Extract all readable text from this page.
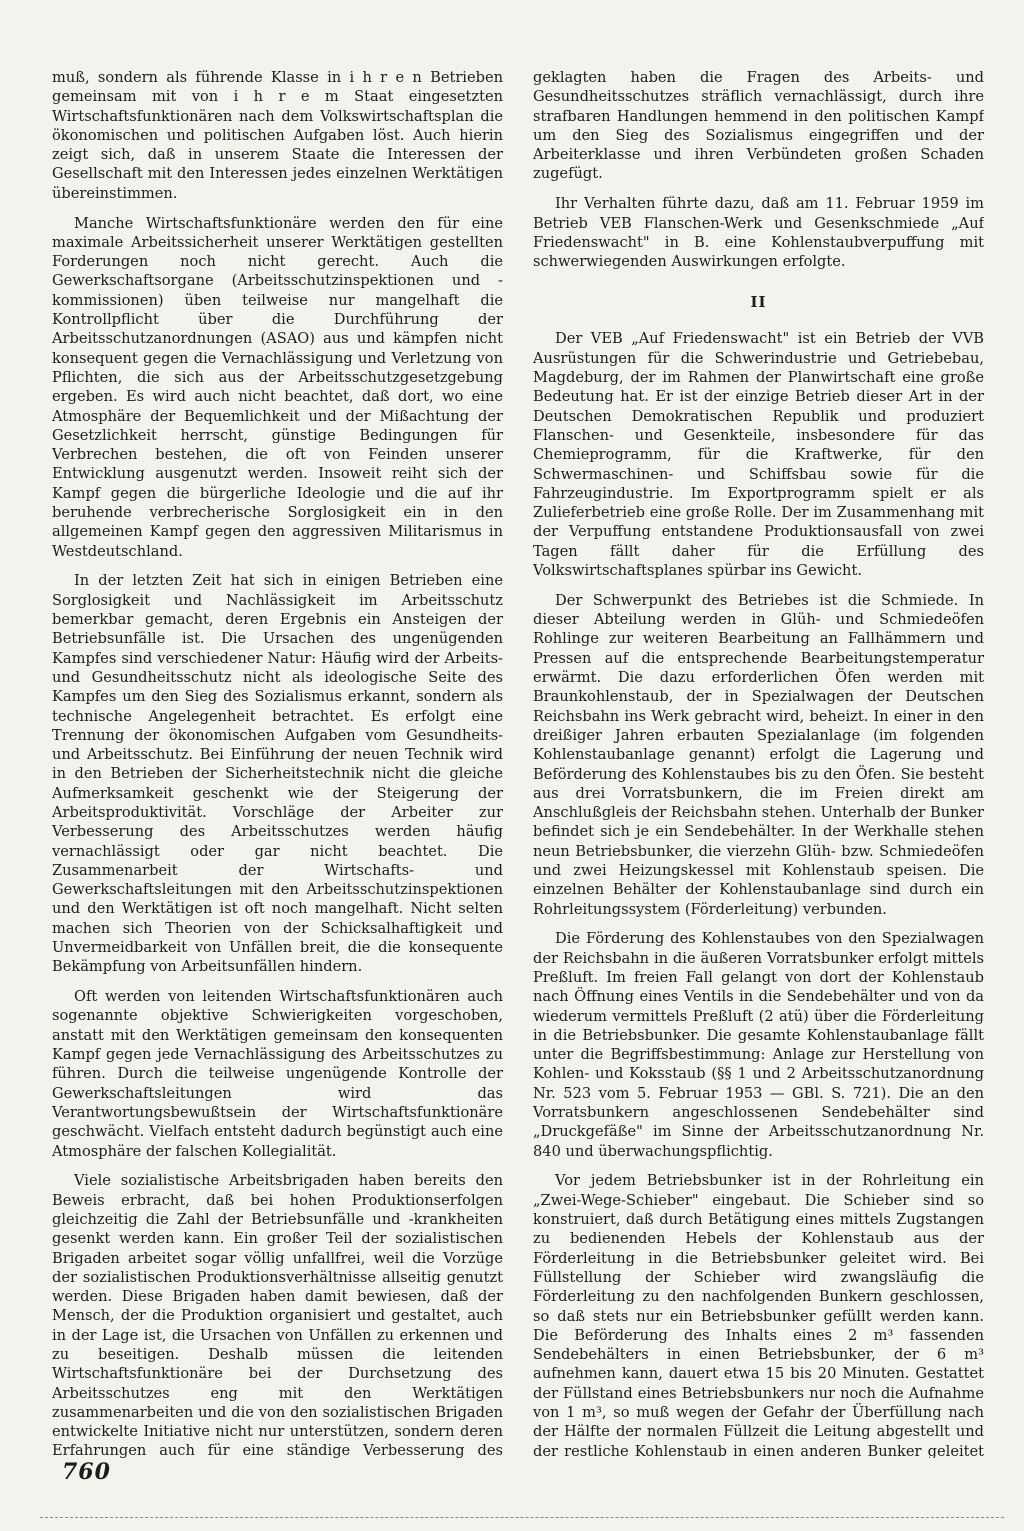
muß, sondern als führende Klasse in i h r e n Betrieben gemeinsam mit von i h r e m Staat eingesetzten Wirtschaftsfunktionären nach dem Volkswirtschaftsplan die ökonomischen und politischen Aufgaben löst. Auch hierin zeigt sich, daß in unserem Staate die Interessen der Gesellschaft mit den Interessen jedes einzelnen Werktätigen übereinstimmen.

Manche Wirtschaftsfunktionäre werden den für eine maximale Arbeitssicherheit unserer Werktätigen gestellten Forderungen noch nicht gerecht. Auch die Gewerkschaftsorgane (Arbeitsschutzinspektionen und -kommissionen) üben teilweise nur mangelhaft die Kontrollpflicht über die Durchführung der Arbeitsschutzanordnungen (ASAO) aus und kämpfen nicht konsequent gegen die Vernachlässigung und Verletzung von Pflichten, die sich aus der Arbeitsschutzgesetzgebung ergeben. Es wird auch nicht beachtet, daß dort, wo eine Atmosphäre der Bequemlichkeit und der Mißachtung der Gesetzlichkeit herrscht, günstige Bedingungen für Verbrechen bestehen, die oft von Feinden unserer Entwicklung ausgenutzt werden. Insoweit reiht sich der Kampf gegen die bürgerliche Ideologie und die auf ihr beruhende verbrecherische Sorglosigkeit ein in den allgemeinen Kampf gegen den aggressiven Militarismus in Westdeutschland.

In der letzten Zeit hat sich in einigen Betrieben eine Sorglosigkeit und Nachlässigkeit im Arbeitsschutz bemerkbar gemacht, deren Ergebnis ein Ansteigen der Betriebsunfälle ist. Die Ursachen des ungenügenden Kampfes sind verschiedener Natur: Häufig wird der Arbeits- und Gesundheitsschutz nicht als ideologische Seite des Kampfes um den Sieg des Sozialismus erkannt, sondern als technische Angelegenheit betrachtet. Es erfolgt eine Trennung der ökonomischen Aufgaben vom Gesundheits- und Arbeitsschutz. Bei Einführung der neuen Technik wird in den Betrieben der Sicherheitstechnik nicht die gleiche Aufmerksamkeit geschenkt wie der Steigerung der Arbeitsproduktivität. Vorschläge der Arbeiter zur Verbesserung des Arbeitsschutzes werden häufig vernachlässigt oder gar nicht beachtet. Die Zusammenarbeit der Wirtschafts- und Gewerkschaftsleitungen mit den Arbeitsschutzinspektionen und den Werktätigen ist oft noch mangelhaft. Nicht selten machen sich Theorien von der Schicksalhaftigkeit und Unvermeidbarkeit von Unfällen breit, die die konsequente Bekämpfung von Arbeitsunfällen hindern.

Oft werden von leitenden Wirtschaftsfunktionären auch sogenannte objektive Schwierigkeiten vorgeschoben, anstatt mit den Werktätigen gemeinsam den konsequenten Kampf gegen jede Vernachlässigung des Arbeitsschutzes zu führen. Durch die teilweise ungenügende Kontrolle der Gewerkschaftsleitungen wird das Verantwortungsbewußtsein der Wirtschaftsfunktionäre geschwächt. Vielfach entsteht dadurch begünstigt auch eine Atmosphäre der falschen Kollegialität.

Viele sozialistische Arbeitsbrigaden haben bereits den Beweis erbracht, daß bei hohen Produktionserfolgen gleichzeitig die Zahl der Betriebsunfälle und -krankheiten gesenkt werden kann. Ein großer Teil der sozialistischen Brigaden arbeitet sogar völlig unfallfrei, weil die Vorzüge der sozialistischen Produktionsverhältnisse allseitig genutzt werden. Diese Brigaden haben damit bewiesen, daß der Mensch, der die Produktion organisiert und gestaltet, auch in der Lage ist, die Ursachen von Unfällen zu erkennen und zu beseitigen. Deshalb müssen die leitenden Wirtschaftsfunktionäre bei der Durchsetzung des Arbeitsschutzes eng mit den Werktätigen zusammenarbeiten und die von den sozialistischen Brigaden entwickelte Initiative nicht nur unterstützen, sondern deren Erfahrungen auch für eine ständige Verbesserung des

geklagten haben die Fragen des Arbeits- und Gesundheitsschutzes sträflich vernachlässigt, durch ihre strafbaren Handlungen hemmend in den politischen Kampf um den Sieg des Sozialismus eingegriffen und der Arbeiterklasse und ihren Verbündeten großen Schaden zugefügt.

Ihr Verhalten führte dazu, daß am 11. Februar 1959 im Betrieb VEB Flanschen-Werk und Gesenkschmiede „Auf Friedenswacht" in B. eine Kohlenstaubverpuffung mit schwerwiegenden Auswirkungen erfolgte.

II

Der VEB „Auf Friedenswacht" ist ein Betrieb der VVB Ausrüstungen für die Schwerindustrie und Getriebebau, Magdeburg, der im Rahmen der Planwirtschaft eine große Bedeutung hat. Er ist der einzige Betrieb dieser Art in der Deutschen Demokratischen Republik und produziert Flanschen- und Gesenkteile, insbesondere für das Chemieprogramm, für die Kraftwerke, für den Schwermaschinen- und Schiffsbau sowie für die Fahrzeugindustrie. Im Exportprogramm spielt er als Zulieferbetrieb eine große Rolle. Der im Zusammenhang mit der Verpuffung entstandene Produktionsausfall von zwei Tagen fällt daher für die Erfüllung des Volkswirtschaftsplanes spürbar ins Gewicht.

Der Schwerpunkt des Betriebes ist die Schmiede. In dieser Abteilung werden in Glüh- und Schmiedeöfen Rohlinge zur weiteren Bearbeitung an Fallhämmern und Pressen auf die entsprechende Bearbeitungstemperatur erwärmt. Die dazu erforderlichen Öfen werden mit Braunkohlenstaub, der in Spezialwagen der Deutschen Reichsbahn ins Werk gebracht wird, beheizt. In einer in den dreißiger Jahren erbauten Spezialanlage (im folgenden Kohlenstaubanlage genannt) erfolgt die Lagerung und Beförderung des Kohlenstaubes bis zu den Öfen. Sie besteht aus drei Vorratsbunkern, die im Freien direkt am Anschlußgleis der Reichsbahn stehen. Unterhalb der Bunker befindet sich je ein Sendebehälter. In der Werkhalle stehen neun Betriebsbunker, die vierzehn Glüh- bzw. Schmiedeöfen und zwei Heizungskessel mit Kohlenstaub speisen. Die einzelnen Behälter der Kohlenstaubanlage sind durch ein Rohrleitungssystem (Förderleitung) verbunden.

Die Förderung des Kohlenstaubes von den Spezialwagen der Reichsbahn in die äußeren Vorratsbunker erfolgt mittels Preßluft. Im freien Fall gelangt von dort der Kohlenstaub nach Öffnung eines Ventils in die Sendebehälter und von da wiederum vermittels Preßluft (2 atü) über die Förderleitung in die Betriebsbunker. Die gesamte Kohlenstaubanlage fällt unter die Begriffsbestimmung: Anlage zur Herstellung von Kohlen- und Koksstaub (§§ 1 und 2 Arbeitsschutzanordnung Nr. 523 vom 5. Februar 1953 — GBl. S. 721). Die an den Vorratsbunkern angeschlossenen Sendebehälter sind „Druckgefäße" im Sinne der Arbeitsschutzanordnung Nr. 840 und überwachungspflichtig.

Vor jedem Betriebsbunker ist in der Rohrleitung ein „Zwei-Wege-Schieber" eingebaut. Die Schieber sind so konstruiert, daß durch Betätigung eines mittels Zugstangen zu bedienenden Hebels der Kohlenstaub aus der Förderleitung in die Betriebsbunker geleitet wird. Bei Füllstellung der Schieber wird zwangsläufig die Förderleitung zu den nachfolgenden Bunkern geschlossen, so daß stets nur ein Betriebsbunker gefüllt werden kann. Die Beförderung des Inhalts eines 2 m³ fassenden Sendebehälters in einen Betriebsbunker, der 6 m³ aufnehmen kann, dauert etwa 15 bis 20 Minuten. Gestattet der Füllstand eines Betriebsbunkers nur noch die Aufnahme von 1 m³, so muß wegen der Gefahr der Überfüllung nach der Hälfte der normalen Füllzeit die Leitung abgestellt und der restliche Kohlenstaub in einen anderen Bunker geleitet

760
